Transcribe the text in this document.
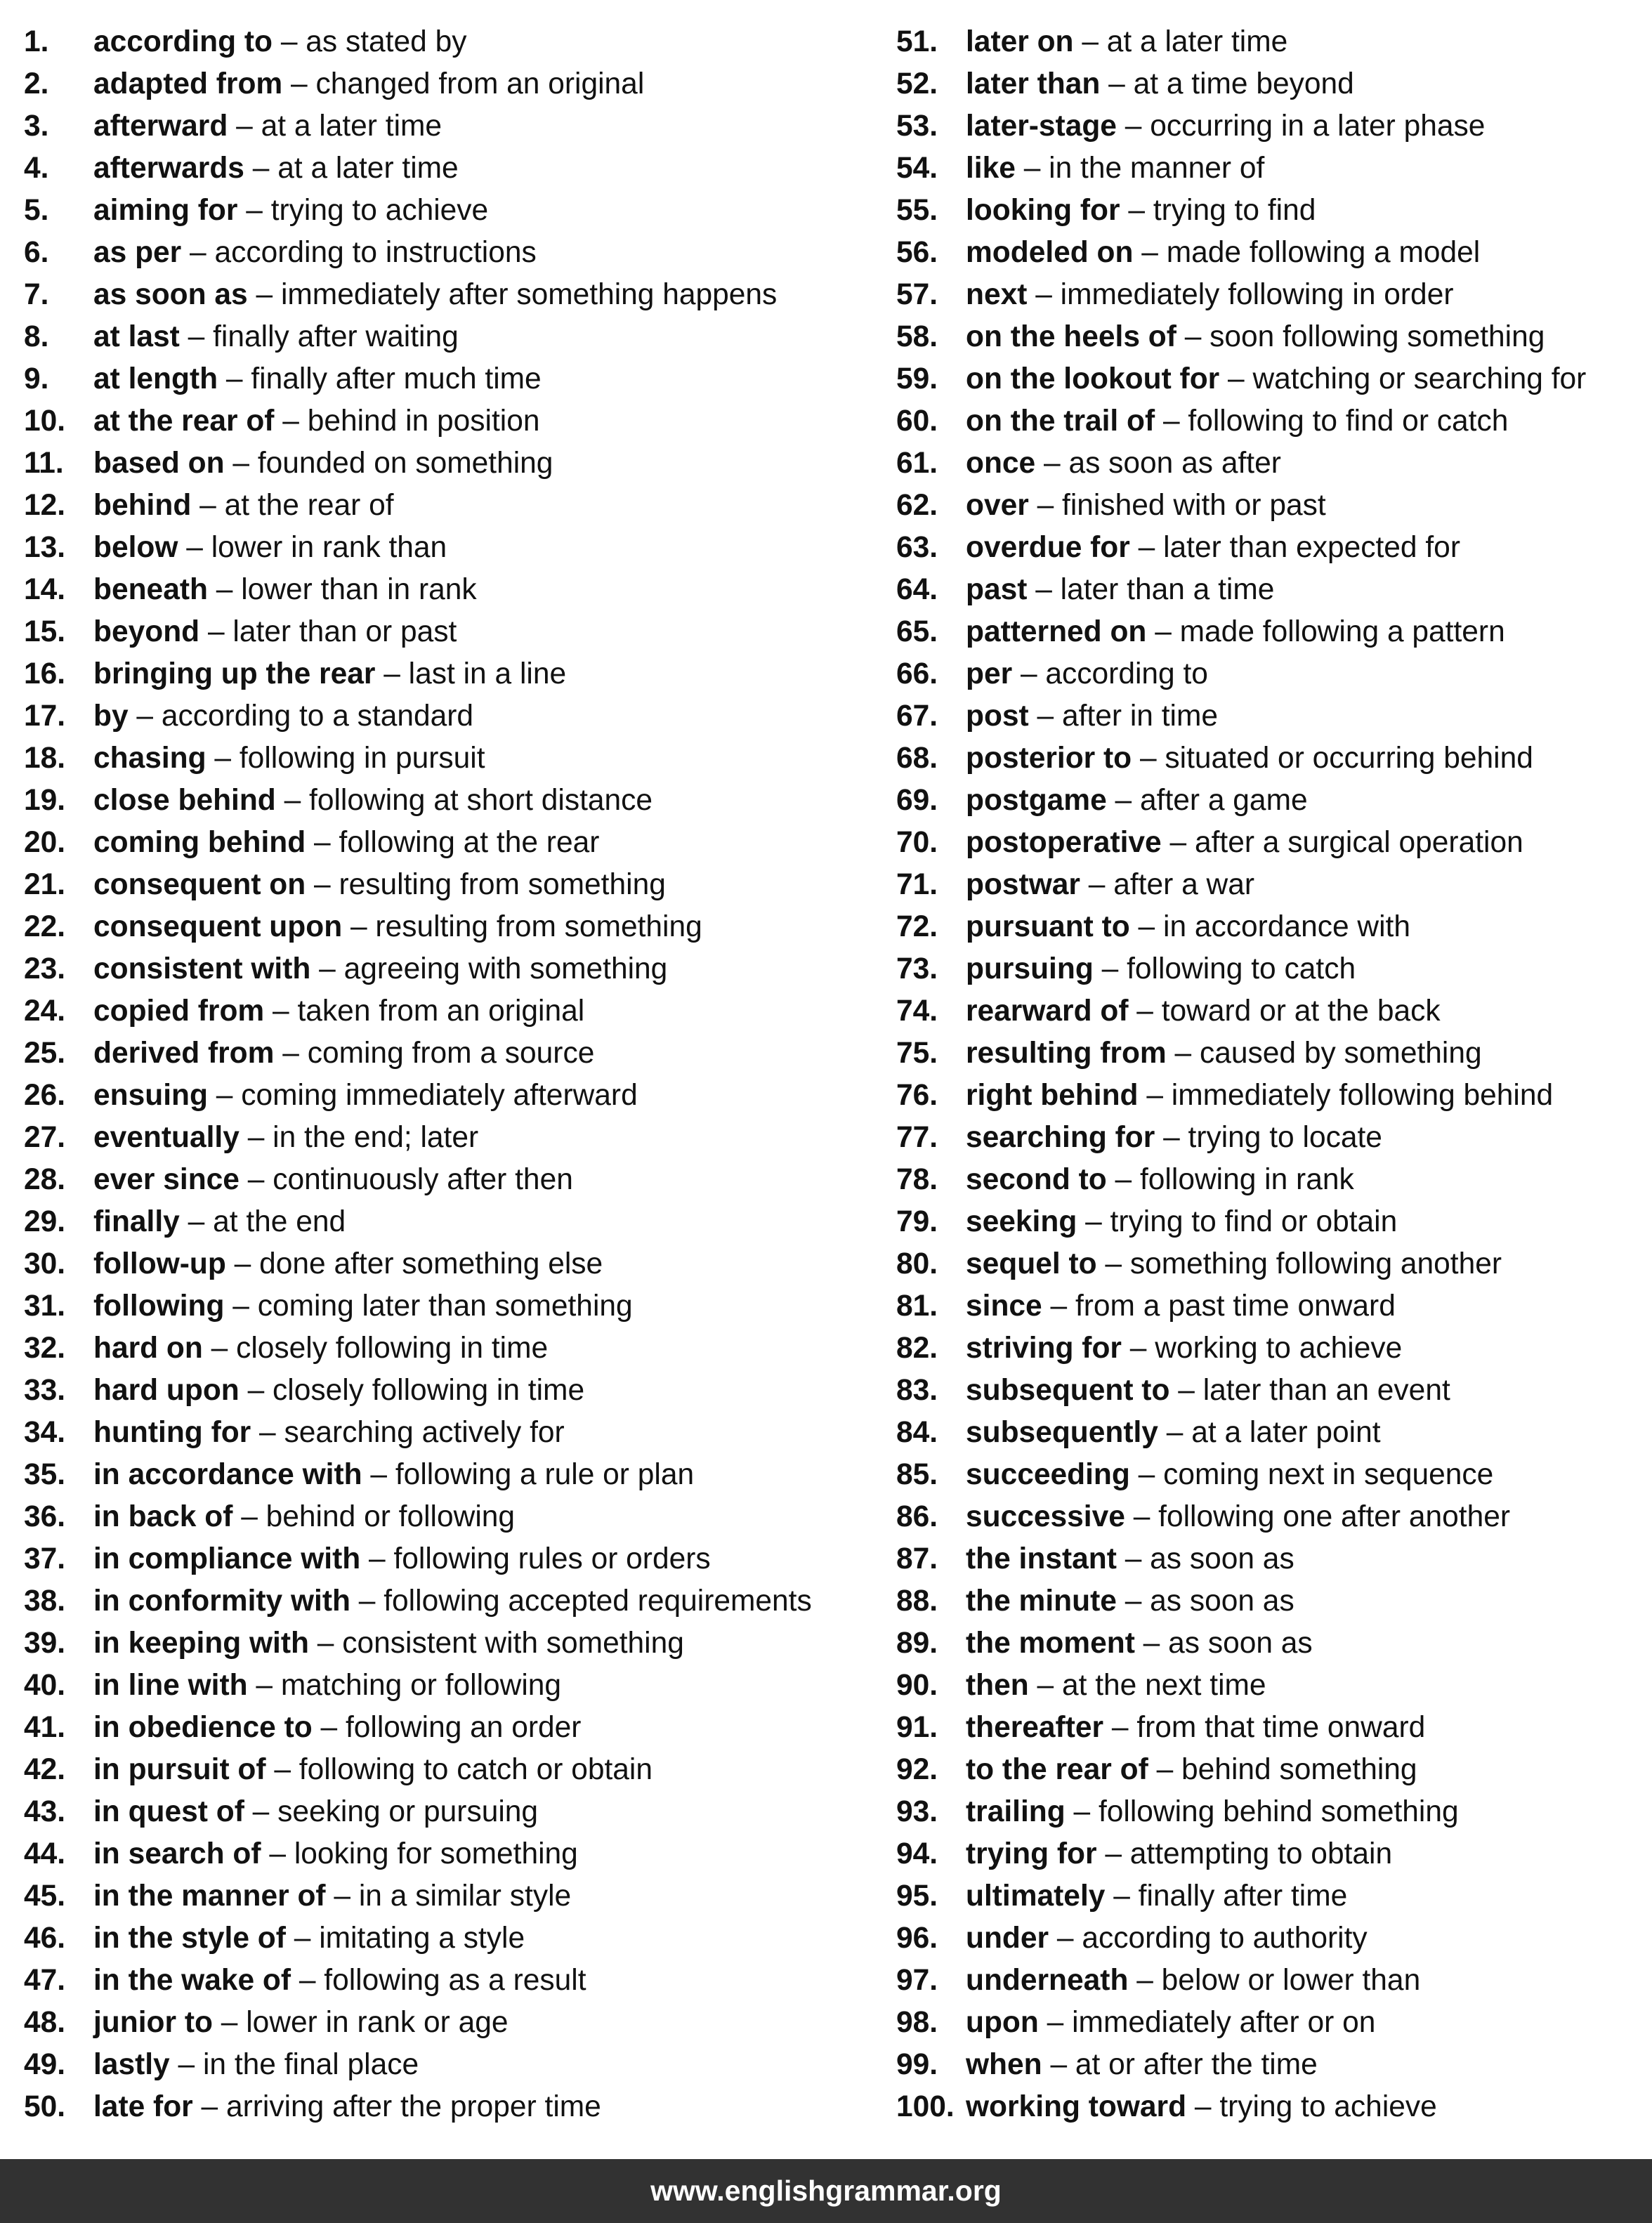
1.	according to – as stated by
2.	adapted from – changed from an original
3.	afterward – at a later time
4.	afterwards – at a later time
5.	aiming for – trying to achieve
6.	as per – according to instructions
7.	as soon as – immediately after something happens
8.	at last – finally after waiting
9.	at length – finally after much time
10. at the rear of – behind in position
11. based on – founded on something
12. behind – at the rear of
13. below – lower in rank than
14. beneath – lower than in rank
15. beyond – later than or past
16. bringing up the rear – last in a line
17. by – according to a standard
18. chasing – following in pursuit
19. close behind – following at short distance
20. coming behind – following at the rear
21. consequent on – resulting from something
22. consequent upon – resulting from something
23. consistent with – agreeing with something
24. copied from – taken from an original
25. derived from – coming from a source
26. ensuing – coming immediately afterward
27. eventually – in the end; later
28. ever since – continuously after then
29. finally – at the end
30. follow-up – done after something else
31. following – coming later than something
32. hard on – closely following in time
33. hard upon – closely following in time
34. hunting for – searching actively for
35. in accordance with – following a rule or plan
36. in back of – behind or following
37. in compliance with – following rules or orders
38. in conformity with – following accepted requirements
39. in keeping with – consistent with something
40. in line with – matching or following
41. in obedience to – following an order
42. in pursuit of – following to catch or obtain
43. in quest of – seeking or pursuing
44. in search of – looking for something
45. in the manner of – in a similar style
46. in the style of – imitating a style
47. in the wake of – following as a result
48. junior to – lower in rank or age
49. lastly – in the final place
50. late for – arriving after the proper time
51. later on – at a later time
52. later than – at a time beyond
53. later-stage – occurring in a later phase
54. like – in the manner of
55. looking for – trying to find
56. modeled on – made following a model
57. next – immediately following in order
58. on the heels of – soon following something
59. on the lookout for – watching or searching for
60. on the trail of – following to find or catch
61. once – as soon as after
62. over – finished with or past
63. overdue for – later than expected for
64. past – later than a time
65. patterned on – made following a pattern
66. per – according to
67. post – after in time
68. posterior to – situated or occurring behind
69. postgame – after a game
70. postoperative – after a surgical operation
71. postwar – after a war
72. pursuant to – in accordance with
73. pursuing – following to catch
74. rearward of – toward or at the back
75. resulting from – caused by something
76. right behind – immediately following behind
77. searching for – trying to locate
78. second to – following in rank
79. seeking – trying to find or obtain
80. sequel to – something following another
81. since – from a past time onward
82. striving for – working to achieve
83. subsequent to – later than an event
84. subsequently – at a later point
85. succeeding – coming next in sequence
86. successive – following one after another
87. the instant – as soon as
88. the minute – as soon as
89. the moment – as soon as
90. then – at the next time
91. thereafter – from that time onward
92. to the rear of – behind something
93. trailing – following behind something
94. trying for – attempting to obtain
95. ultimately – finally after time
96. under – according to authority
97. underneath – below or lower than
98. upon – immediately after or on
99. when – at or after the time
100. working toward – trying to achieve
www.englishgrammar.org
